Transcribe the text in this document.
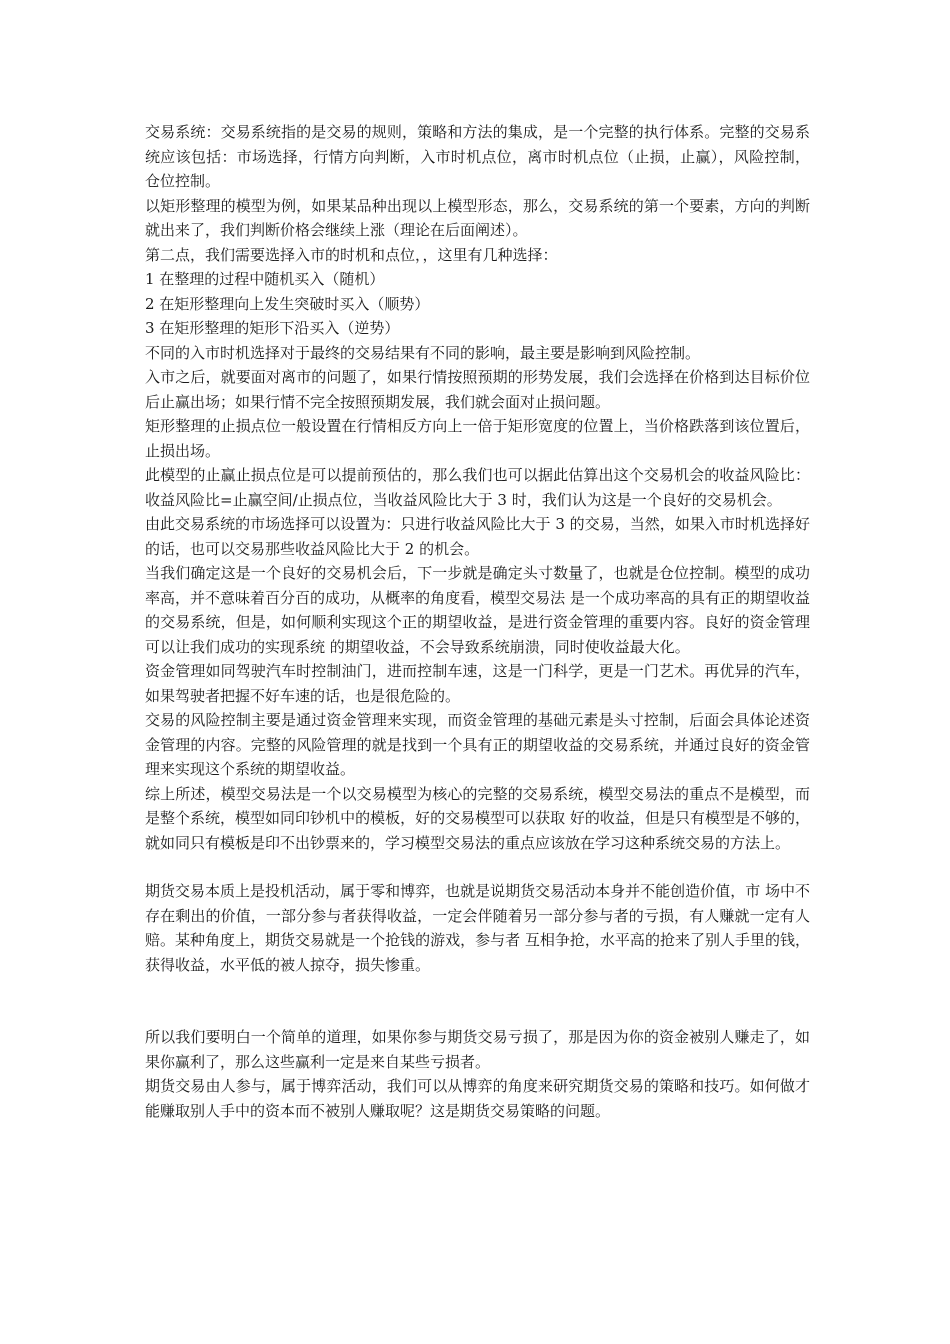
交易系统：交易系统指的是交易的规则，策略和方法的集成，是一个完整的执行体系。完整的交易系统应该包括：市场选择，行情方向判断，入市时机点位，离市时机点位（止损，止赢），风险控制，仓位控制。

以矩形整理的模型为例，如果某品种出现以上模型形态，那么，交易系统的第一个要素，方向的判断就出来了，我们判断价格会继续上涨（理论在后面阐述）。

第二点，我们需要选择入市的时机和点位，，这里有几种选择：

1 在整理的过程中随机买入（随机）

2 在矩形整理向上发生突破时买入（顺势）

3 在矩形整理的矩形下沿买入（逆势）

不同的入市时机选择对于最终的交易结果有不同的影响，最主要是影响到风险控制。

入市之后，就要面对离市的问题了，如果行情按照预期的形势发展，我们会选择在价格到达目标价位后止赢出场；如果行情不完全按照预期发展，我们就会面对止损问题。

矩形整理的止损点位一般设置在行情相反方向上一倍于矩形宽度的位置上，当价格跌落到该位置后，止损出场。

此模型的止赢止损点位是可以提前预估的，那么我们也可以据此估算出这个交易机会的收益风险比：收益风险比=止赢空间/止损点位，当收益风险比大于 3 时，我们认为这是一个良好的交易机会。

由此交易系统的市场选择可以设置为：只进行收益风险比大于 3 的交易，当然，如果入市时机选择好的话，也可以交易那些收益风险比大于 2 的机会。

当我们确定这是一个良好的交易机会后，下一步就是确定头寸数量了，也就是仓位控制。模型的成功率高，并不意味着百分百的成功，从概率的角度看，模型交易法 是一个成功率高的具有正的期望收益的交易系统，但是，如何顺利实现这个正的期望收益，是进行资金管理的重要内容。良好的资金管理可以让我们成功的实现系统 的期望收益，不会导致系统崩溃，同时使收益最大化。

资金管理如同驾驶汽车时控制油门，进而控制车速，这是一门科学，更是一门艺术。再优异的汽车，如果驾驶者把握不好车速的话，也是很危险的。

交易的风险控制主要是通过资金管理来实现，而资金管理的基础元素是头寸控制，后面会具体论述资金管理的内容。完整的风险管理的就是找到一个具有正的期望收益的交易系统，并通过良好的资金管理来实现这个系统的期望收益。

综上所述，模型交易法是一个以交易模型为核心的完整的交易系统，模型交易法的重点不是模型，而是整个系统，模型如同印钞机中的模板，好的交易模型可以获取 好的收益，但是只有模型是不够的，就如同只有模板是印不出钞票来的，学习模型交易法的重点应该放在学习这种系统交易的方法上。

期货交易本质上是投机活动，属于零和博弈，也就是说期货交易活动本身并不能创造价值，市 场中不存在剩出的价值，一部分参与者获得收益，一定会伴随着另一部分参与者的亏损，有人赚就一定有人赔。某种角度上，期货交易就是一个抢钱的游戏，参与者 互相争抢，水平高的抢来了别人手里的钱，获得收益，水平低的被人掠夺，损失惨重。

所以我们要明白一个简单的道理，如果你参与期货交易亏损了，那是因为你的资金被别人赚走了，如果你赢利了，那么这些赢利一定是来自某些亏损者。

期货交易由人参与，属于博弈活动，我们可以从博弈的角度来研究期货交易的策略和技巧。如何做才能赚取别人手中的资本而不被别人赚取呢？这是期货交易策略的问题。
